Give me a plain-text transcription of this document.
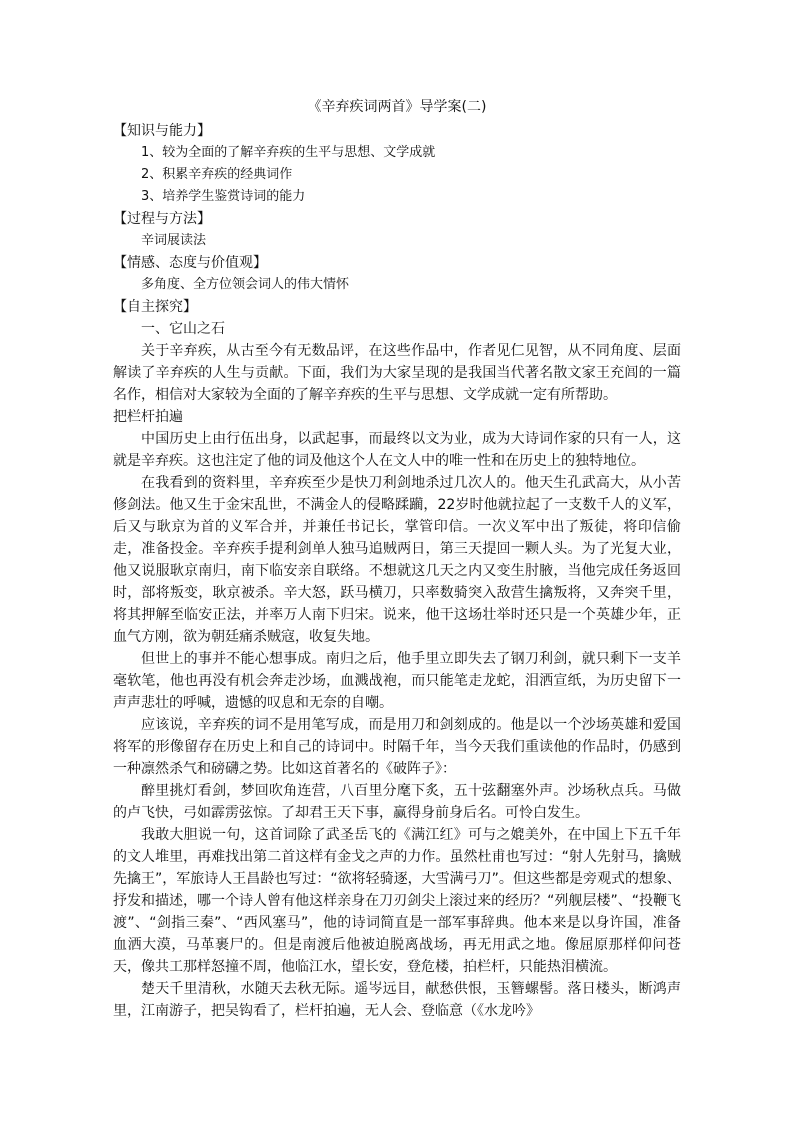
《辛弃疾词两首》导学案(二)
【知识与能力】
1、较为全面的了解辛弃疾的生平与思想、文学成就
2、积累辛弃疾的经典词作
3、培养学生鉴赏诗词的能力
【过程与方法】
辛词展读法
【情感、态度与价值观】
多角度、全方位领会词人的伟大情怀
【自主探究】
一、它山之石
关于辛弃疾，从古至今有无数品评，在这些作品中，作者见仁见智，从不同角度、层面解读了辛弃疾的人生与贡献。下面，我们为大家呈现的是我国当代著名散文家王充闾的一篇名作，相信对大家较为全面的了解辛弃疾的生平与思想、文学成就一定有所帮助。
把栏杆拍遍
中国历史上由行伍出身，以武起事，而最终以文为业，成为大诗词作家的只有一人，这就是辛弃疾。这也注定了他的词及他这个人在文人中的唯一性和在历史上的独特地位。
在我看到的资料里，辛弃疾至少是快刀利剑地杀过几次人的。他天生孔武高大，从小苦修剑法。他又生于金宋乱世，不满金人的侵略蹂躏，22岁时他就拉起了一支数千人的义军，后又与耿京为首的义军合并，并兼任书记长，掌管印信。一次义军中出了叛徒，将印信偷走，准备投金。辛弃疾手提利剑单人独马追贼两日，第三天提回一颗人头。为了光复大业，他又说服耿京南归，南下临安亲自联络。不想就这几天之内又变生肘腋，当他完成任务返回时，部将叛变，耿京被杀。辛大怒，跃马横刀，只率数骑突入敌营生擒叛将，又奔突千里，将其押解至临安正法，并率万人南下归宋。说来，他干这场壮举时还只是一个英雄少年，正血气方刚，欲为朝廷痛杀贼寇，收复失地。
但世上的事并不能心想事成。南归之后，他手里立即失去了钢刀利剑，就只剩下一支羊毫软笔，他也再没有机会奔走沙场，血溅战袍，而只能笔走龙蛇，泪洒宣纸，为历史留下一声声悲壮的呼喊，遗憾的叹息和无奈的自嘲。
应该说，辛弃疾的词不是用笔写成，而是用刀和剑刻成的。他是以一个沙场英雄和爱国将军的形像留存在历史上和自己的诗词中。时隔千年，当今天我们重读他的作品时，仍感到一种凛然杀气和磅礴之势。比如这首著名的《破阵子》：
醉里挑灯看剑，梦回吹角连营，八百里分麾下炙，五十弦翻塞外声。沙场秋点兵。马做的卢飞快，弓如霹雳弦惊。了却君王天下事，赢得身前身后名。可怜白发生。
我敢大胆说一句，这首词除了武圣岳飞的《满江红》可与之媲美外，在中国上下五千年的文人堆里，再难找出第二首这样有金戈之声的力作。虽然杜甫也写过：“射人先射马，擒贼先擒王”，军旅诗人王昌龄也写过：“欲将轻骑逐，大雪满弓刀”。但这些都是旁观式的想象、抒发和描述，哪一个诗人曾有他这样亲身在刀刃剑尖上滚过来的经历？“列舰层楼”、“投鞭飞渡”、“剑指三秦”、“西风塞马”，他的诗词简直是一部军事辞典。他本来是以身许国，准备血洒大漠，马革裹尸的。但是南渡后他被迫脱离战场，再无用武之地。像屈原那样仰问苍天，像共工那样怒撞不周，他临江水，望长安，登危楼，拍栏杆，只能热泪横流。
楚天千里清秋，水随天去秋无际。遥岑远目，献愁供恨，玉簪螺髻。落日楼头，断鸿声里，江南游子，把吴钩看了，栏杆拍遍，无人会、登临意（《水龙吟》
